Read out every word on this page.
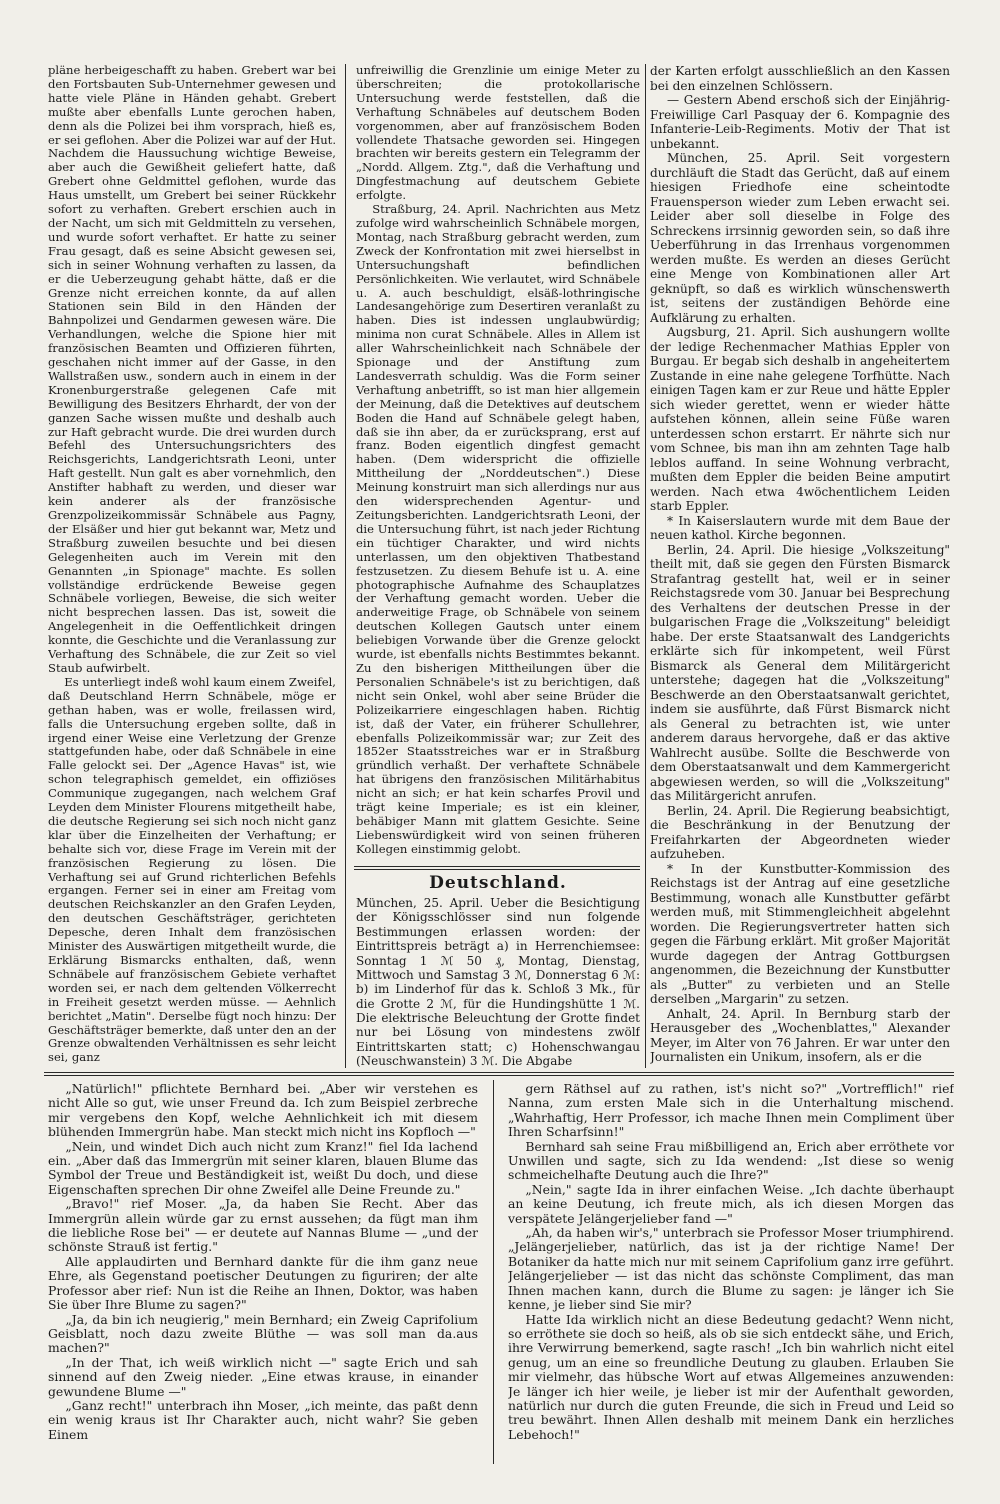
pläne herbeigeschafft zu haben. Grebert war bei den Fortsbauten Sub-Unternehmer gewesen und hatte viele Pläne in Händen gehabt. Grebert mußte aber ebenfalls Lunte gerochen haben, denn als die Polizei bei ihm vorsprach, hieß es, er sei geflohen. Aber die Polizei war auf der Hut. Nachdem die Haussuchung wichtige Beweise, aber auch die Gewißheit geliefert hatte, daß Grebert ohne Geldmittel geflohen, wurde das Haus umstellt, um Grebert bei seiner Rückkehr sofort zu verhaften. Grebert erschien auch in der Nacht, um sich mit Geldmitteln zu versehen, und wurde sofort verhaftet. Er hatte zu seiner Frau gesagt, daß es seine Absicht gewesen sei, sich in seiner Wohnung verhaften zu lassen, da er die Ueberzeugung gehabt hätte, daß er die Grenze nicht erreichen konnte, da auf allen Stationen sein Bild in den Händen der Bahnpolizei und Gendarmen gewesen wäre. Die Verhandlungen, welche die Spione hier mit französischen Beamten und Offizieren führten, geschahen nicht immer auf der Gasse, in den Wallstraßen usw., sondern auch in einem in der Kronenburgerstraße gelegenen Cafe mit Bewilligung des Besitzers Ehrhardt, der von der ganzen Sache wissen mußte und deshalb auch zur Haft gebracht wurde. Die drei wurden durch Befehl des Untersuchungsrichters des Reichsgerichts, Landgerichtsrath Leoni, unter Haft gestellt. Nun galt es aber vornehmlich, den Anstifter habhaft zu werden, und dieser war kein anderer als der französische Grenzpolizeikommissär Schnäbele aus Pagny, der Elsäßer und hier gut bekannt war, Metz und Straßburg zuweilen besuchte und bei diesen Gelegenheiten auch im Verein mit den Genannten „in Spionage" machte. Es sollen vollständige erdrückende Beweise gegen Schnäbele vorliegen, Beweise, die sich weiter nicht besprechen lassen. Das ist, soweit die Angelegenheit in die Oeffentlichkeit dringen konnte, die Geschichte und die Veranlassung zur Verhaftung des Schnäbele, die zur Zeit so viel Staub aufwirbelt.

Es unterliegt indeß wohl kaum einem Zweifel, daß Deutschland Herrn Schnäbele, möge er gethan haben, was er wolle, freilassen wird, falls die Untersuchung ergeben sollte, daß in irgend einer Weise eine Verletzung der Grenze stattgefunden habe, oder daß Schnäbele in eine Falle gelockt sei. Der „Agence Havas" ist, wie schon telegraphisch gemeldet, ein offiziöses Communique zugegangen, nach welchem Graf Leyden dem Minister Flourens mitgetheilt habe, die deutsche Regierung sei sich noch nicht ganz klar über die Einzelheiten der Verhaftung; er behalte sich vor, diese Frage im Verein mit der französischen Regierung zu lösen. Die Verhaftung sei auf Grund richterlichen Befehls ergangen. Ferner sei in einer am Freitag vom deutschen Reichskanzler an den Grafen Leyden, den deutschen Geschäftsträger, gerichteten Depesche, deren Inhalt dem französischen Minister des Auswärtigen mitgetheilt wurde, die Erklärung Bismarcks enthalten, daß, wenn Schnäbele auf französischem Gebiete verhaftet worden sei, er nach dem geltenden Völkerrecht in Freiheit gesetzt werden müsse. — Aehnlich berichtet „Matin". Derselbe fügt noch hinzu: Der Geschäftsträger bemerkte, daß unter den an der Grenze obwaltenden Verhältnissen es sehr leicht sei, ganz

unfreiwillig die Grenzlinie um einige Meter zu überschreiten; die protokollarische Untersuchung werde feststellen, daß die Verhaftung Schnäbeles auf deutschem Boden vorgenommen, aber auf französischem Boden vollendete Thatsache geworden sei. Hingegen brachten wir bereits gestern ein Telegramm der „Nordd. Allgem. Ztg.", daß die Verhaftung und Dingfestmachung auf deutschem Gebiete erfolgte.

Straßburg, 24. April. Nachrichten aus Metz zufolge wird wahrscheinlich Schnäbele morgen, Montag, nach Straßburg gebracht werden, zum Zweck der Konfrontation mit zwei hierselbst in Untersuchungshaft befindlichen Persönlichkeiten. Wie verlautet, wird Schnäbele u. A. auch beschuldigt, elsäß-lothringische Landesangehörige zum Desertiren veranlaßt zu haben. Dies ist indessen unglaubwürdig; minima non curat Schnäbele. Alles in Allem ist aller Wahrscheinlichkeit nach Schnäbele der Spionage und der Anstiftung zum Landesverrath schuldig. Was die Form seiner Verhaftung anbetrifft, so ist man hier allgemein der Meinung, daß die Detektives auf deutschem Boden die Hand auf Schnäbele gelegt haben, daß sie ihn aber, da er zurücksprang, erst auf franz. Boden eigentlich dingfest gemacht haben. (Dem widerspricht die offizielle Mittheilung der „Norddeutschen".) Diese Meinung konstruirt man sich allerdings nur aus den widersprechenden Agentur- und Zeitungsberichten. Landgerichtsrath Leoni, der die Untersuchung führt, ist nach jeder Richtung ein tüchtiger Charakter, und wird nichts unterlassen, um den objektiven Thatbestand festzusetzen. Zu diesem Behufe ist u. A. eine photographische Aufnahme des Schauplatzes der Verhaftung gemacht worden. Ueber die anderweitige Frage, ob Schnäbele von seinem deutschen Kollegen Gautsch unter einem beliebigen Vorwande über die Grenze gelockt wurde, ist ebenfalls nichts Bestimmtes bekannt. Zu den bisherigen Mittheilungen über die Personalien Schnäbele's ist zu berichtigen, daß nicht sein Onkel, wohl aber seine Brüder die Polizeikarriere eingeschlagen haben. Richtig ist, daß der Vater, ein früherer Schullehrer, ebenfalls Polizeikommissär war; zur Zeit des 1852er Staatsstreiches war er in Straßburg gründlich verhaßt. Der verhaftete Schnäbele hat übrigens den französischen Militärhabitus nicht an sich; er hat kein scharfes Provil und trägt keine Imperiale; es ist ein kleiner, behäbiger Mann mit glattem Gesichte. Seine Liebenswürdigkeit wird von seinen früheren Kollegen einstimmig gelobt.

Deutschland.

München, 25. April. Ueber die Besichtigung der Königsschlösser sind nun folgende Bestimmungen erlassen worden: der Eintrittspreis beträgt a) in Herrenchiemsee: Sonntag 1 ℳ 50 ₰, Montag, Dienstag, Mittwoch und Samstag 3 ℳ, Donnerstag 6 ℳ: b) im Linderhof für das k. Schloß 3 Mk., für die Grotte 2 ℳ, für die Hundingshütte 1 ℳ. Die elektrische Beleuchtung der Grotte findet nur bei Lösung von mindestens zwölf Eintrittskarten statt; c) Hohenschwangau (Neuschwanstein) 3 ℳ. Die Abgabe

der Karten erfolgt ausschließlich an den Kassen bei den einzelnen Schlössern.

— Gestern Abend erschoß sich der Einjährig-Freiwillige Carl Pasquay der 6. Kompagnie des Infanterie-Leib-Regiments. Motiv der That ist unbekannt.

München, 25. April. Seit vorgestern durchläuft die Stadt das Gerücht, daß auf einem hiesigen Friedhofe eine scheintodte Frauensperson wieder zum Leben erwacht sei. Leider aber soll dieselbe in Folge des Schreckens irrsinnig geworden sein, so daß ihre Ueberführung in das Irrenhaus vorgenommen werden mußte. Es werden an dieses Gerücht eine Menge von Kombinationen aller Art geknüpft, so daß es wirklich wünschenswerth ist, seitens der zuständigen Behörde eine Aufklärung zu erhalten.

Augsburg, 21. April. Sich aushungern wollte der ledige Rechenmacher Mathias Eppler von Burgau. Er begab sich deshalb in angeheitertem Zustande in eine nahe gelegene Torfhütte. Nach einigen Tagen kam er zur Reue und hätte Eppler sich wieder gerettet, wenn er wieder hätte aufstehen können, allein seine Füße waren unterdessen schon erstarrt. Er nährte sich nur vom Schnee, bis man ihn am zehnten Tage halb leblos auffand. In seine Wohnung verbracht, mußten dem Eppler die beiden Beine amputirt werden. Nach etwa 4wöchentlichem Leiden starb Eppler.

* In Kaiserslautern wurde mit dem Baue der neuen kathol. Kirche begonnen.

Berlin, 24. April. Die hiesige „Volkszeitung" theilt mit, daß sie gegen den Fürsten Bismarck Strafantrag gestellt hat, weil er in seiner Reichstagsrede vom 30. Januar bei Besprechung des Verhaltens der deutschen Presse in der bulgarischen Frage die „Volkszeitung" beleidigt habe. Der erste Staatsanwalt des Landgerichts erklärte sich für inkompetent, weil Fürst Bismarck als General dem Militärgericht unterstehe; dagegen hat die „Volkszeitung" Beschwerde an den Oberstaatsanwalt gerichtet, indem sie ausführte, daß Fürst Bismarck nicht als General zu betrachten ist, wie unter anderem daraus hervorgehe, daß er das aktive Wahlrecht ausübe. Sollte die Beschwerde von dem Oberstaatsanwalt und dem Kammergericht abgewiesen werden, so will die „Volkszeitung" das Militärgericht anrufen.

Berlin, 24. April. Die Regierung beabsichtigt, die Beschränkung in der Benutzung der Freifahrkarten der Abgeordneten wieder aufzuheben.

* In der Kunstbutter-Kommission des Reichstags ist der Antrag auf eine gesetzliche Bestimmung, wonach alle Kunstbutter gefärbt werden muß, mit Stimmengleichheit abgelehnt worden. Die Regierungsvertreter hatten sich gegen die Färbung erklärt. Mit großer Majorität wurde dagegen der Antrag Gottburgsen angenommen, die Bezeichnung der Kunstbutter als „Butter" zu verbieten und an Stelle derselben „Margarin" zu setzen.

Anhalt, 24. April. In Bernburg starb der Herausgeber des „Wochenblattes," Alexander Meyer, im Alter von 76 Jahren. Er war unter den Journalisten ein Unikum, insofern, als er die

„Natürlich!" pflichtete Bernhard bei. „Aber wir verstehen es nicht Alle so gut, wie unser Freund da. Ich zum Beispiel zerbreche mir vergebens den Kopf, welche Aehnlichkeit ich mit diesem blühenden Immergrün habe. Man steckt mich nicht ins Kopfloch —"

„Nein, und windet Dich auch nicht zum Kranz!" fiel Ida lachend ein. „Aber daß das Immergrün mit seiner klaren, blauen Blume das Symbol der Treue und Beständigkeit ist, weißt Du doch, und diese Eigenschaften sprechen Dir ohne Zweifel alle Deine Freunde zu."

„Bravo!" rief Moser. „Ja, da haben Sie Recht. Aber das Immergrün allein würde gar zu ernst aussehen; da fügt man ihm die liebliche Rose bei" — er deutete auf Nannas Blume — „und der schönste Strauß ist fertig."

Alle applaudirten und Bernhard dankte für die ihm ganz neue Ehre, als Gegenstand poetischer Deutungen zu figuriren; der alte Professor aber rief: Nun ist die Reihe an Ihnen, Doktor, was haben Sie über Ihre Blume zu sagen?"

„Ja, da bin ich neugierig," mein Bernhard; ein Zweig Caprifolium Geisblatt, noch dazu zweite Blüthe — was soll man da.aus machen?"

„In der That, ich weiß wirklich nicht —" sagte Erich und sah sinnend auf den Zweig nieder. „Eine etwas krause, in einander gewundene Blume —"

„Ganz recht!" unterbrach ihn Moser, „ich meinte, das paßt denn ein wenig kraus ist Ihr Charakter auch, nicht wahr? Sie geben Einem

gern Räthsel auf zu rathen, ist's nicht so?" „Vortrefflich!" rief Nanna, zum ersten Male sich in die Unterhaltung mischend. „Wahrhaftig, Herr Professor, ich mache Ihnen mein Compliment über Ihren Scharfsinn!"

Bernhard sah seine Frau mißbilligend an, Erich aber erröthete vor Unwillen und sagte, sich zu Ida wendend: „Ist diese so wenig schmeichelhafte Deutung auch die Ihre?"

„Nein," sagte Ida in ihrer einfachen Weise. „Ich dachte überhaupt an keine Deutung, ich freute mich, als ich diesen Morgen das verspätete Jelängerjelieber fand —"

„Ah, da haben wir's," unterbrach sie Professor Moser triumphirend. „Jelängerjelieber, natürlich, das ist ja der richtige Name! Der Botaniker da hatte mich nur mit seinem Caprifolium ganz irre geführt. Jelängerjelieber — ist das nicht das schönste Compliment, das man Ihnen machen kann, durch die Blume zu sagen: je länger ich Sie kenne, je lieber sind Sie mir?

Hatte Ida wirklich nicht an diese Bedeutung gedacht? Wenn nicht, so erröthete sie doch so heiß, als ob sie sich entdeckt sähe, und Erich, ihre Verwirrung bemerkend, sagte rasch! „Ich bin wahrlich nicht eitel genug, um an eine so freundliche Deutung zu glauben. Erlauben Sie mir vielmehr, das hübsche Wort auf etwas Allgemeines anzuwenden: Je länger ich hier weile, je lieber ist mir der Aufenthalt geworden, natürlich nur durch die guten Freunde, die sich in Freud und Leid so treu bewährt. Ihnen Allen deshalb mit meinem Dank ein herzliches Lebehoch!"
